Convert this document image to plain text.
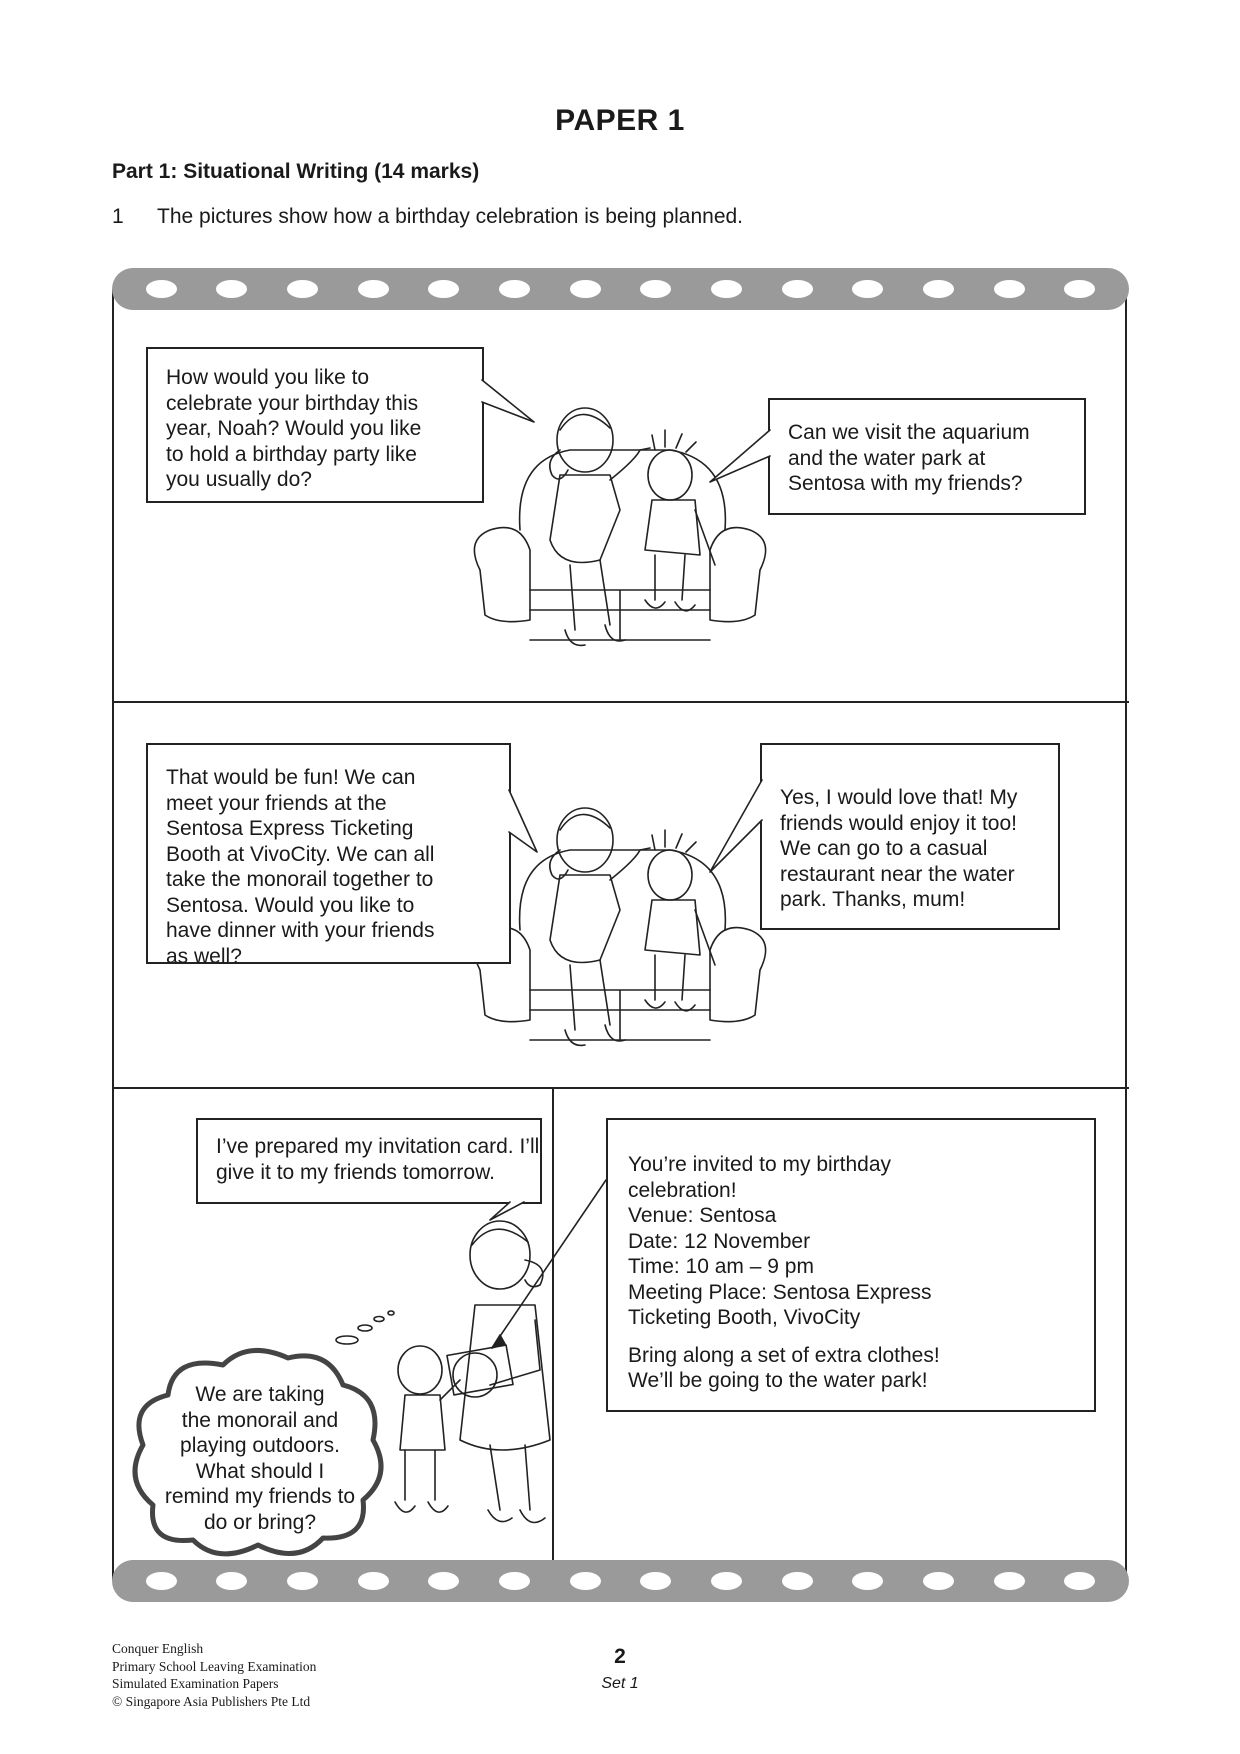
PAPER 1
Part 1: Situational Writing (14 marks)
1 The pictures show how a birthday celebration is being planned.
How would you like to
celebrate your birthday this
year, Noah? Would you like
to hold a birthday party like
you usually do?
Can we visit the aquarium
and the water park at
Sentosa with my friends?
That would be fun! We can
meet your friends at the
Sentosa Express Ticketing
Booth at VivoCity. We can all
take the monorail together to
Sentosa. Would you like to
have dinner with your friends
as well?
Yes, I would love that! My
friends would enjoy it too!
We can go to a casual
restaurant near the water
park. Thanks, mum!
I’ve prepared my invitation card. I’ll
give it to my friends tomorrow.
We are taking
the monorail and
playing outdoors.
What should I
remind my friends to
do or bring?
You’re invited to my birthday
celebration!
Venue: Sentosa
Date: 12 November
Time: 10 am – 9 pm
Meeting Place: Sentosa Express
Ticketing Booth, VivoCity
Bring along a set of extra clothes!
We’ll be going to the water park!
Conquer English
Primary School Leaving Examination
Simulated Examination Papers
© Singapore Asia Publishers Pte Ltd
2
Set 1
